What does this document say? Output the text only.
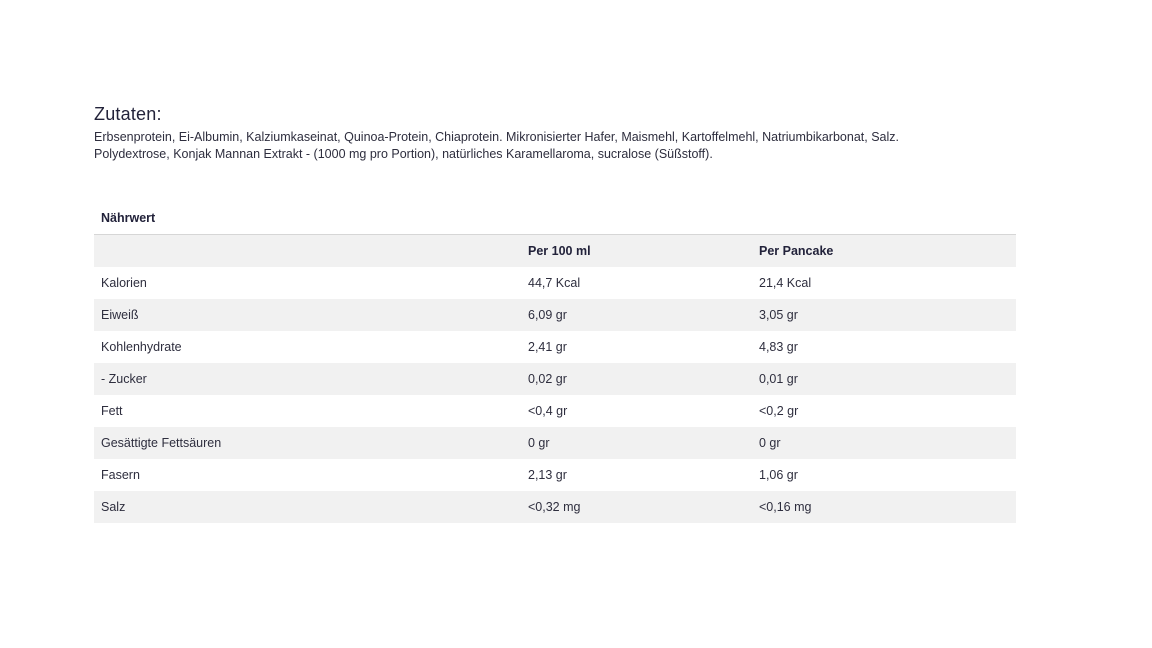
Zutaten:

Erbsenprotein, Ei-Albumin, Kalziumkaseinat, Quinoa-Protein, Chiaprotein. Mikronisierter Hafer, Maismehl, Kartoffelmehl, Natriumbikarbonat, Salz.
Polydextrose, Konjak Mannan Extrakt - (1000 mg pro Portion), natürliches Karamellaroma, sucralose (Süßstoff).

Nährwert
	Per 100 ml	Per Pancake
Kalorien	44,7 Kcal	21,4 Kcal
Eiweiß	6,09 gr	3,05 gr
Kohlenhydrate	2,41 gr	4,83 gr
- Zucker	0,02 gr	0,01 gr
Fett	<0,4 gr	<0,2 gr
Gesättigte Fettsäuren	0 gr	0 gr
Fasern	2,13 gr	1,06 gr
Salz	<0,32 mg	<0,16 mg
